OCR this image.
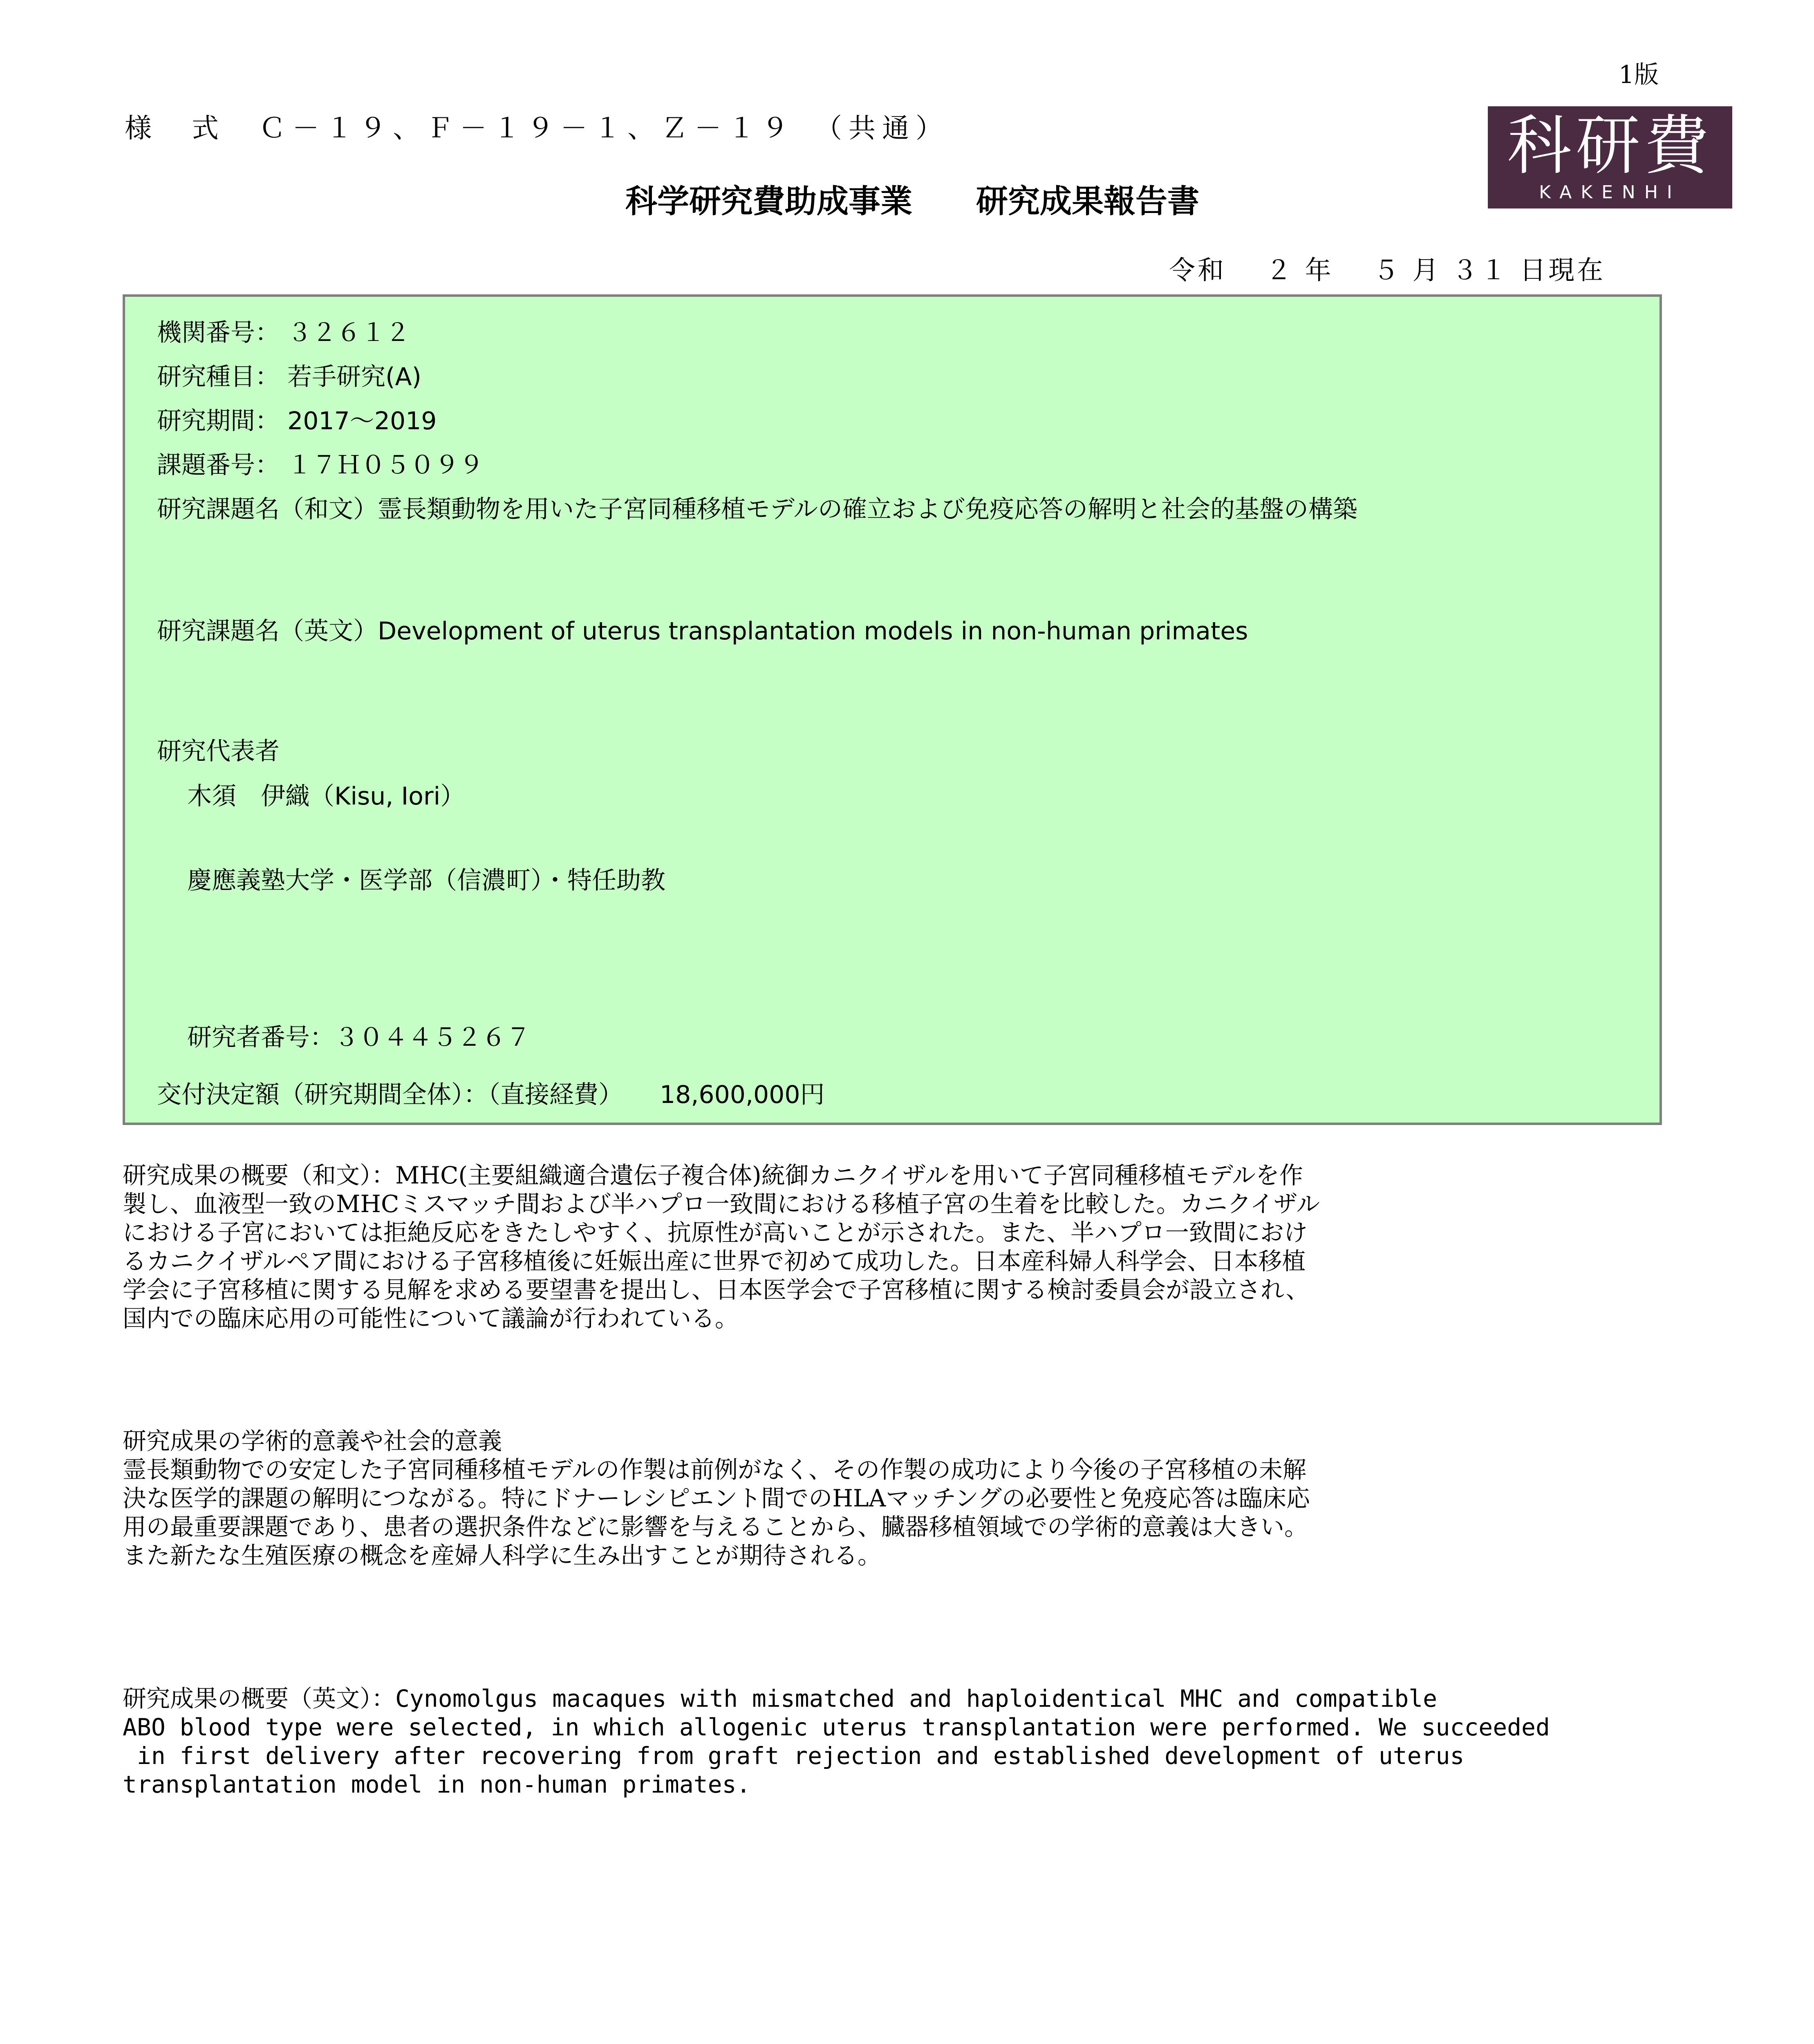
1版
様　式　Ｃ－１９、Ｆ－１９－１、Ｚ－１９　（共通）
科学研究費助成事業　　研究成果報告書
令和　 ２ 年 　５ 月 ３１ 日現在
科研費
KAKENHI
機関番号： ３２６１２
研究種目： 若手研究(A)
研究期間： 2017～2019
課題番号： １７Ｈ０５０９９
研究課題名（和文）霊長類動物を用いた子宮同種移植モデルの確立および免疫応答の解明と社会的基盤の構築
研究課題名（英文）Development of uterus transplantation models in non-human primates
研究代表者
木須　伊織（Kisu, Iori）
慶應義塾大学・医学部（信濃町）・特任助教
研究者番号：３０４４５２６７
交付決定額（研究期間全体）：（直接経費）　　18,600,000円
研究成果の概要（和文）：MHC(主要組織適合遺伝子複合体)統御カニクイザルを用いて子宮同種移植モデルを作
製し、血液型一致のMHCミスマッチ間および半ハプロ一致間における移植子宮の生着を比較した。カニクイザル
における子宮においては拒絶反応をきたしやすく、抗原性が高いことが示された。また、半ハプロ一致間におけ
るカニクイザルペア間における子宮移植後に妊娠出産に世界で初めて成功した。日本産科婦人科学会、日本移植
学会に子宮移植に関する見解を求める要望書を提出し、日本医学会で子宮移植に関する検討委員会が設立され、
国内での臨床応用の可能性について議論が行われている。
研究成果の学術的意義や社会的意義
霊長類動物での安定した子宮同種移植モデルの作製は前例がなく、その作製の成功により今後の子宮移植の未解
決な医学的課題の解明につながる。特にドナーレシピエント間でのHLAマッチングの必要性と免疫応答は臨床応
用の最重要課題であり、患者の選択条件などに影響を与えることから、臓器移植領域での学術的意義は大きい。
また新たな生殖医療の概念を産婦人科学に生み出すことが期待される。
研究成果の概要（英文）：Cynomolgus macaques with mismatched and haploidentical MHC and compatible
ABO blood type were selected, in which allogenic uterus transplantation were performed. We succeeded
in first delivery after recovering from graft rejection and established development of uterus
transplantation model in non-human primates.
